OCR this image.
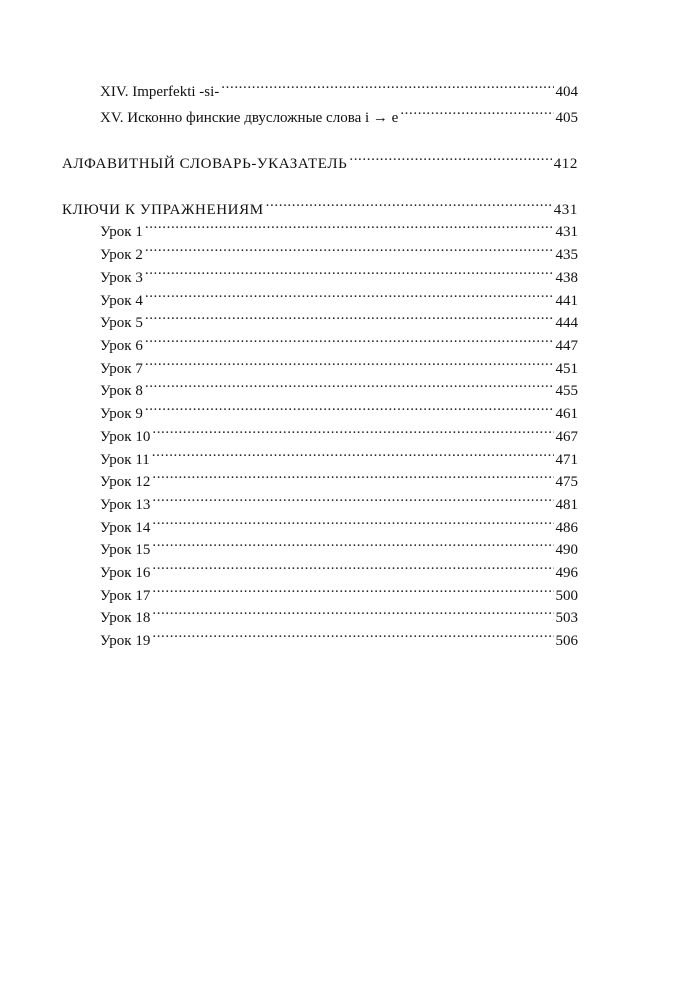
XIV. Imperfekti -si- .....	404
XV. Исконно финские двусложные слова i → e .....	405
АЛФАВИТНЫЙ СЛОВАРЬ-УКАЗАТЕЛЬ .....	412
КЛЮЧИ К УПРАЖНЕНИЯМ .....	431
Урок 1 .....	431
Урок 2 .....	435
Урок 3 .....	438
Урок 4 .....	441
Урок 5 .....	444
Урок 6 .....	447
Урок 7 .....	451
Урок 8 .....	455
Урок 9 .....	461
Урок 10 .....	467
Урок 11 .....	471
Урок 12 .....	475
Урок 13 .....	481
Урок 14 .....	486
Урок 15 .....	490
Урок 16 .....	496
Урок 17 .....	500
Урок 18 .....	503
Урок 19 .....	506
